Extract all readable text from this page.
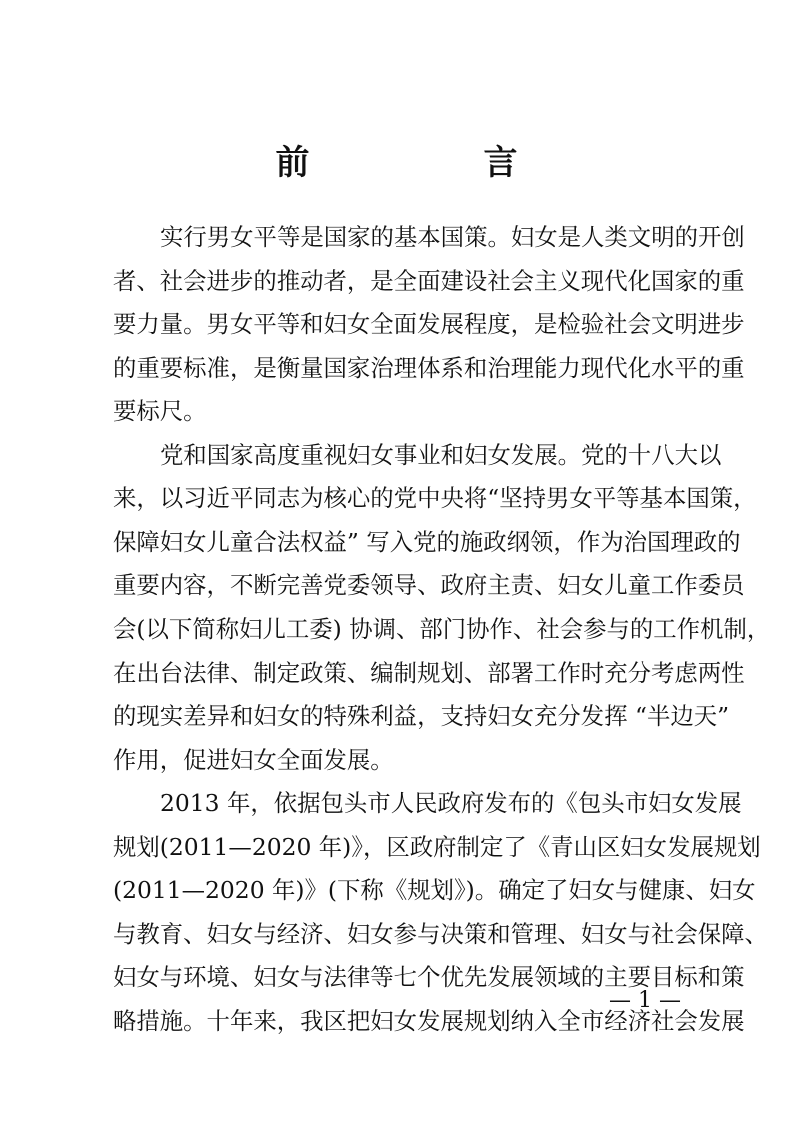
前　言
实行男女平等是国家的基本国策。妇女是人类文明的开创
者、社会进步的推动者，是全面建设社会主义现代化国家的重
要力量。男女平等和妇女全面发展程度，是检验社会文明进步
的重要标准，是衡量国家治理体系和治理能力现代化水平的重
要标尺。
党和国家高度重视妇女事业和妇女发展。党的十八大以
来，以习近平同志为核心的党中央将“坚持男女平等基本国策，
保障妇女儿童合法权益” 写入党的施政纲领，作为治国理政的
重要内容，不断完善党委领导、政府主责、妇女儿童工作委员
会(以下简称妇儿工委) 协调、部门协作、社会参与的工作机制，
在出台法律、制定政策、编制规划、部署工作时充分考虑两性
的现实差异和妇女的特殊利益，支持妇女充分发挥 “半边天”
作用，促进妇女全面发展。
2013 年，依据包头市人民政府发布的《包头市妇女发展
规划(2011—2020 年)》，区政府制定了《青山区妇女发展规划
(2011—2020 年)》(下称《规划》)。确定了妇女与健康、妇女
与教育、妇女与经济、妇女参与决策和管理、妇女与社会保障、
妇女与环境、妇女与法律等七个优先发展领域的主要目标和策
略措施。十年来，我区把妇女发展规划纳入全市经济社会发展
— 1 —
